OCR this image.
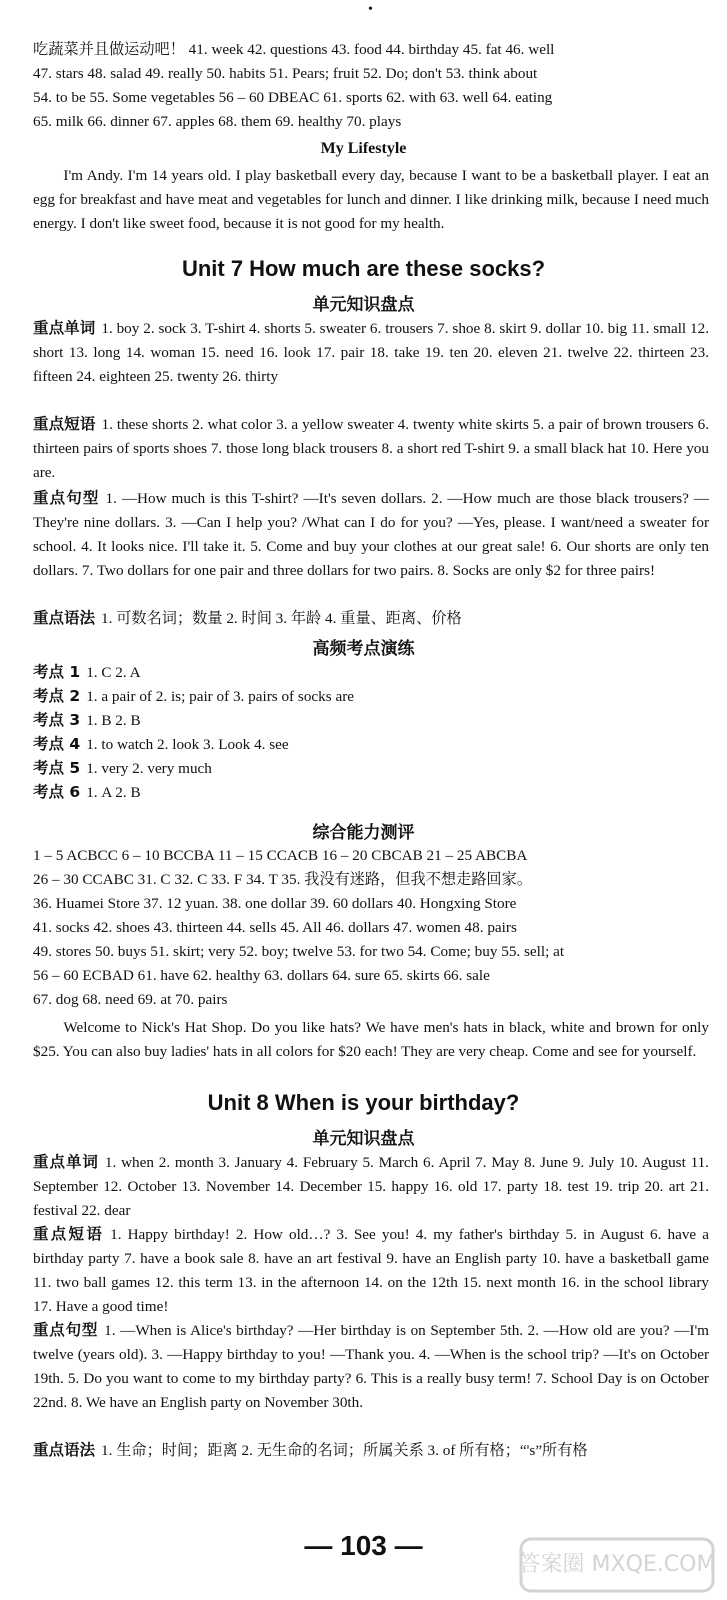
•
吃蔬菜并且做运动吧！ 41. week 42. questions 43. food 44. birthday 45. fat 46. well
47. stars 48. salad 49. really 50. habits 51. Pears; fruit 52. Do; don't 53. think about
54. to be 55. Some vegetables 56 – 60 DBEAC 61. sports 62. with 63. well 64. eating
65. milk 66. dinner 67. apples 68. them 69. healthy 70. plays
My Lifestyle
I'm Andy. I'm 14 years old. I play basketball every day, because I want to be a basketball player. I eat an egg for breakfast and have meat and vegetables for lunch and dinner. I like drinking milk, because I need much energy. I don't like sweet food, because it is not good for my health.
Unit 7 How much are these socks?
单元知识盘点
重点单词 1. boy 2. sock 3. T-shirt 4. shorts 5. sweater 6. trousers 7. shoe 8. skirt 9. dollar 10. big 11. small 12. short 13. long 14. woman 15. need 16. look 17. pair 18. take 19. ten 20. eleven 21. twelve 22. thirteen 23. fifteen 24. eighteen 25. twenty 26. thirty
重点短语 1. these shorts 2. what color 3. a yellow sweater 4. twenty white skirts 5. a pair of brown trousers 6. thirteen pairs of sports shoes 7. those long black trousers 8. a short red T-shirt 9. a small black hat 10. Here you are.
重点句型 1. —How much is this T-shirt? —It's seven dollars. 2. —How much are those black trousers? —They're nine dollars. 3. —Can I help you? /What can I do for you? —Yes, please. I want/need a sweater for school. 4. It looks nice. I'll take it. 5. Come and buy your clothes at our great sale! 6. Our shorts are only ten dollars. 7. Two dollars for one pair and three dollars for two pairs. 8. Socks are only $2 for three pairs!
重点语法 1. 可数名词；数量 2. 时间 3. 年龄 4. 重量、距离、价格
高频考点演练
考点 1 1. C 2. A
考点 2 1. a pair of 2. is; pair of 3. pairs of socks are
考点 3 1. B 2. B
考点 4 1. to watch 2. look 3. Look 4. see
考点 5 1. very 2. very much
考点 6 1. A 2. B
综合能力测评
1 – 5 ACBCC 6 – 10 BCCBA 11 – 15 CCACB 16 – 20 CBCAB 21 – 25 ABCBA
26 – 30 CCABC 31. C 32. C 33. F 34. T 35. 我没有迷路，但我不想走路回家。
36. Huamei Store 37. 12 yuan. 38. one dollar 39. 60 dollars 40. Hongxing Store
41. socks 42. shoes 43. thirteen 44. sells 45. All 46. dollars 47. women 48. pairs
49. stores 50. buys 51. skirt; very 52. boy; twelve 53. for two 54. Come; buy 55. sell; at
56 – 60 ECBAD 61. have 62. healthy 63. dollars 64. sure 65. skirts 66. sale
67. dog 68. need 69. at 70. pairs
Welcome to Nick's Hat Shop. Do you like hats? We have men's hats in black, white and brown for only $25. You can also buy ladies' hats in all colors for $20 each! They are very cheap. Come and see for yourself.
Unit 8 When is your birthday?
单元知识盘点
重点单词 1. when 2. month 3. January 4. February 5. March 6. April 7. May 8. June 9. July 10. August 11. September 12. October 13. November 14. December 15. happy 16. old 17. party 18. test 19. trip 20. art 21. festival 22. dear
重点短语 1. Happy birthday! 2. How old…? 3. See you! 4. my father's birthday 5. in August 6. have a birthday party 7. have a book sale 8. have an art festival 9. have an English party 10. have a basketball game 11. two ball games 12. this term 13. in the afternoon 14. on the 12th 15. next month 16. in the school library 17. Have a good time!
重点句型 1. —When is Alice's birthday? —Her birthday is on September 5th. 2. —How old are you? —I'm twelve (years old). 3. —Happy birthday to you! —Thank you. 4. —When is the school trip? —It's on October 19th. 5. Do you want to come to my birthday party? 6. This is a really busy term! 7. School Day is on October 22nd. 8. We have an English party on November 30th.
重点语法 1. 生命；时间；距离 2. 无生命的名词；所属关系 3. of 所有格；“'s”所有格
— 103 —
答案圈 MXQE.COM
